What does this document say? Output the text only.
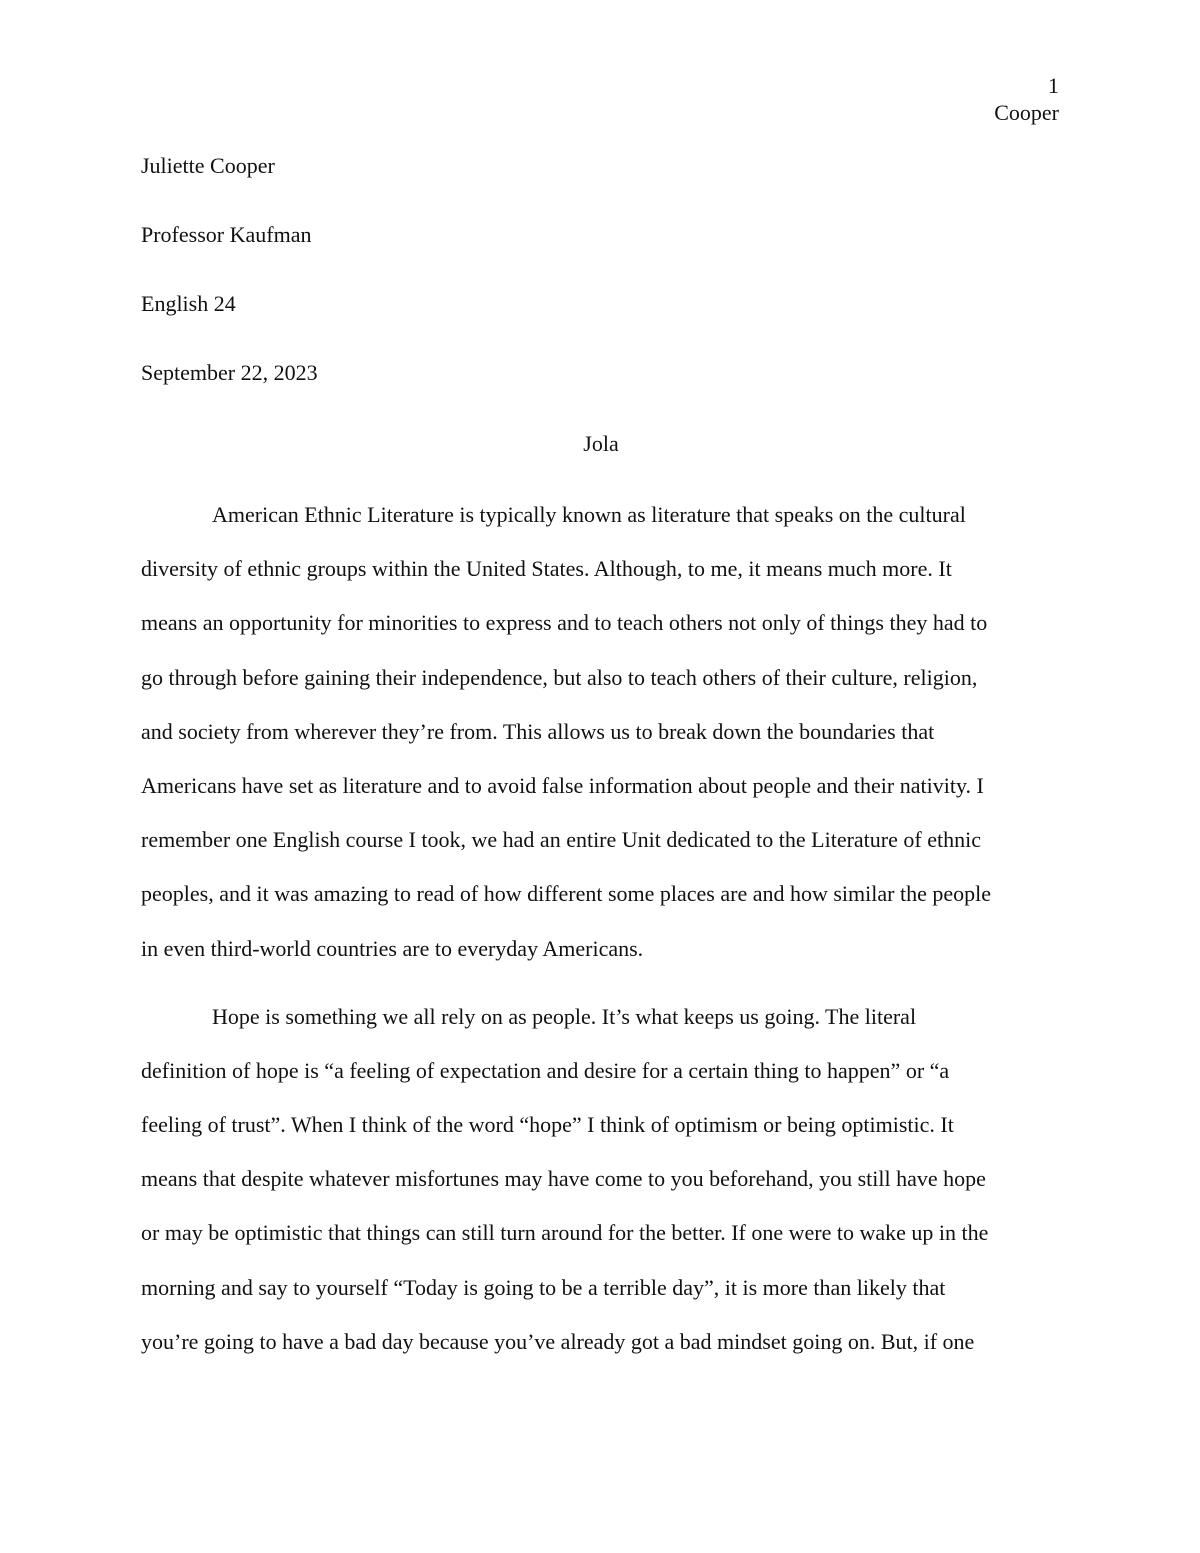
1
Cooper
Juliette Cooper
Professor Kaufman
English 24
September 22, 2023
Jola
American Ethnic Literature is typically known as literature that speaks on the cultural
diversity of ethnic groups within the United States. Although, to me, it means much more. It
means an opportunity for minorities to express and to teach others not only of things they had to
go through before gaining their independence, but also to teach others of their culture, religion,
and society from wherever they’re from. This allows us to break down the boundaries that
Americans have set as literature and to avoid false information about people and their nativity. I
remember one English course I took, we had an entire Unit dedicated to the Literature of ethnic
peoples, and it was amazing to read of how different some places are and how similar the people
in even third-world countries are to everyday Americans.
Hope is something we all rely on as people. It’s what keeps us going. The literal
definition of hope is “a feeling of expectation and desire for a certain thing to happen” or “a
feeling of trust”. When I think of the word “hope” I think of optimism or being optimistic. It
means that despite whatever misfortunes may have come to you beforehand, you still have hope
or may be optimistic that things can still turn around for the better. If one were to wake up in the
morning and say to yourself “Today is going to be a terrible day”, it is more than likely that
you’re going to have a bad day because you’ve already got a bad mindset going on. But, if one
